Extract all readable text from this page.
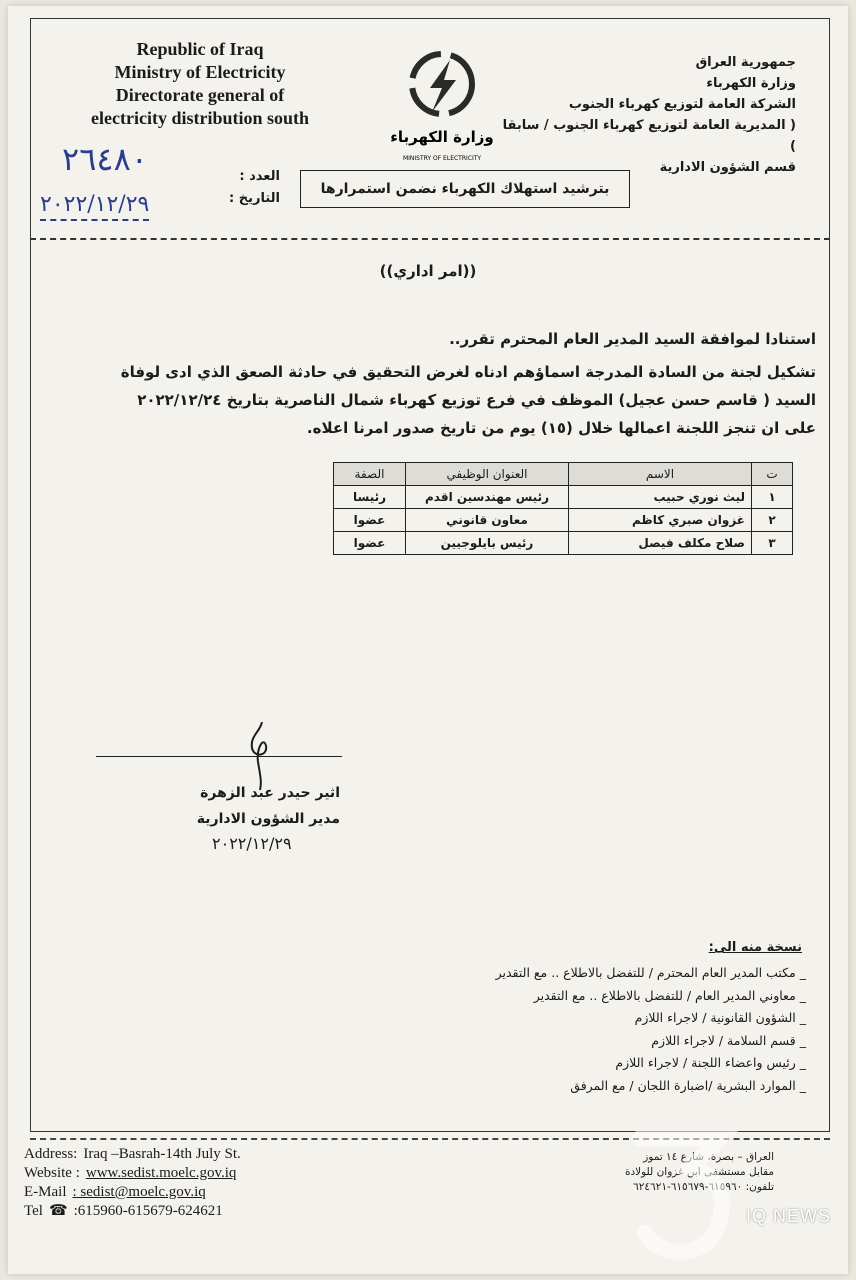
Republic of Iraq
Ministry of Electricity
Directorate general of
electricity distribution south
وزارة الكهرباء
MINISTRY OF ELECTRICITY
جمهورية العراق
وزارة الكهرباء
الشركة العامة لتوزيع كهرباء الجنوب
( المديرية العامة لتوزيع كهرباء الجنوب / سابقا )
قسم الشؤون الادارية
٢٦٤٨٠
٢٠٢٢/١٢/٢٩
العدد :
التاريخ :
بترشيد استهلاك الكهرباء نضمن استمرارها
((امر اداري))
استنادا لموافقة السيد المدير العام المحترم تقرر..
تشكيل لجنة من السادة المدرجة اسماؤهم ادناه لغرض التحقيق في حادثة الصعق الذي ادى لوفاة السيد ( قاسم حسن عجيل) الموظف في فرع توزيع كهرباء شمال الناصرية بتاريخ ٢٠٢٢/١٢/٢٤ على ان تنجز اللجنة اعمالها خلال (١٥) يوم من تاريخ صدور امرنا اعلاه.
ت	الاسم	العنوان الوظيفي	الصفة
١	ليث نوري حبيب	رئيس مهندسين اقدم	رئيسا
٢	غزوان صبري كاظم	معاون قانوني	عضوا
٣	صلاح مكلف فيصل	رئيس بايلوجيين	عضوا
اثير حيدر عبد الزهرة
مدير الشؤون الادارية
٢٠٢٢/١٢/٢٩
نسخة منه الى:
_ مكتب المدير العام المحترم / للتفضل بالاطلاع .. مع التقدير
_ معاوني المدير العام / للتفضل بالاطلاع .. مع التقدير
_ الشؤون القانونية / لاجراء اللازم
_ قسم السلامة / لاجراء اللازم
_ رئيس واعضاء اللجنة / لاجراء اللازم
_ الموارد البشرية /اضبارة اللجان / مع المرفق
Address: Iraq –Basrah-14th July St.
Website : www.sedist.moelc.gov.iq
E-Mail : sedist@moelc.gov.iq
Tel ☎ :615960-615679-624621
العراق – بصرة، شارع ١٤ تموز
مقابل مستشفى ابن غزوان للولادة
تلفون: ٦١٥٩٦٠-٦١٥٦٧٩-٦٢٤٦٢١
IQ NEWS
